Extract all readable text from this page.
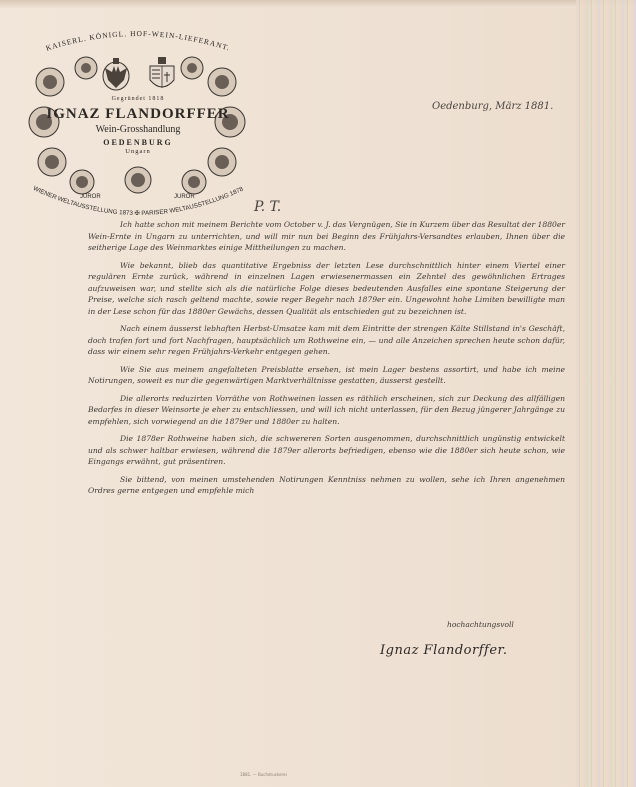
KAISERL. KÖNIGL. HOF-WEIN-LIEFERANT.
WIENER WELTAUSSTELLUNG 1873 ✠ PARISER WELTAUSSTELLUNG 1878
Gegründet 1818
IGNAZ FLANDORFFER
Wein-Grosshandlung
OEDENBURG
Ungarn
JUROR	JUROR
Oedenburg, März 1881.
P. T.

Ich hatte schon mit meinem Berichte vom October v. J. das Vergnügen, Sie in Kurzem über das Resultat der 1880er Wein-Ernte in Ungarn zu unterrichten, und will mir nun bei Beginn des Frühjahrs-Versandtes erlauben, Ihnen über die seitherige Lage des Weinmarktes einige Mittheilungen zu machen.

Wie bekannt, blieb das quantitative Ergebniss der letzten Lese durchschnittlich hinter einem Viertel einer regulären Ernte zurück, während in einzelnen Lagen erwiesenermassen ein Zehntel des gewöhnlichen Ertrages aufzuweisen war, und stellte sich als die natürliche Folge dieses bedeutenden Ausfalles eine spontane Steigerung der Preise, welche sich rasch geltend machte, sowie reger Begehr nach 1879er ein. Ungewohnt hohe Limiten bewilligte man in der Lese schon für das 1880er Gewächs, dessen Qualität als entschieden gut zu bezeichnen ist.

Nach einem äusserst lebhaften Herbst-Umsatze kam mit dem Eintritte der strengen Kälte Stillstand in's Geschäft, doch trafen fort und fort Nachfragen, hauptsächlich um Rothweine ein, — und alle Anzeichen sprechen heute schon dafür, dass wir einem sehr regen Frühjahrs-Verkehr entgegen gehen.

Wie Sie aus meinem angefalteten Preisblatte ersehen, ist mein Lager bestens assortirt, und habe ich meine Notirungen, soweit es nur die gegenwärtigen Marktverhältnisse gestatten, äusserst gestellt.

Die allerorts reduzirten Vorräthe von Rothweinen lassen es räthlich erscheinen, sich zur Deckung des allfälligen Bedarfes in dieser Weinsorte je eher zu entschliessen, und will ich nicht unterlassen, für den Bezug jüngerer Jahrgänge zu empfehlen, sich vorwiegend an die 1879er und 1880er zu halten.

Die 1878er Rothweine haben sich, die schwereren Sorten ausgenommen, durchschnittlich ungünstig entwickelt und als schwer haltbar erwiesen, während die 1879er allerorts befriedigen, ebenso wie die 1880er sich heute schon, wie Eingangs erwähnt, gut präsentiren.

Sie bittend, von meinen umstehenden Notirungen Kenntniss nehmen zu wollen, sehe ich Ihren angenehmen Ordres gerne entgegen und empfehle mich

hochachtungsvoll
Ignaz Flandorffer.
1881. — Buchdruckerei
